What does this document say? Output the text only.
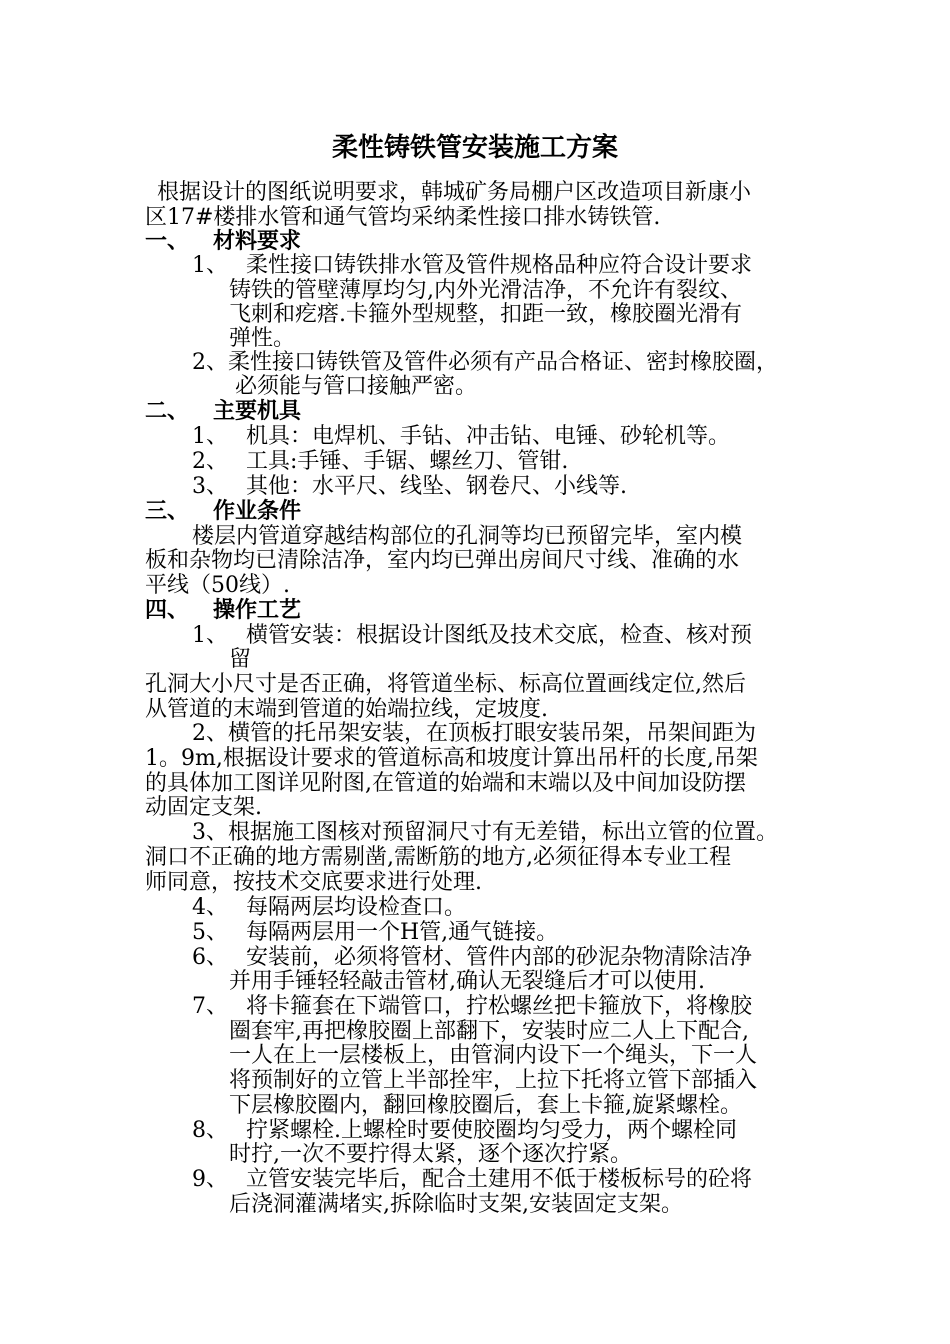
柔性铸铁管安装施工方案
根据设计的图纸说明要求，韩城矿务局棚户区改造项目新康小
区17#楼排水管和通气管均采纳柔性接口排水铸铁管.
一、 材料要求
1、 柔性接口铸铁排水管及管件规格品种应符合设计要求
铸铁的管壁薄厚均匀,内外光滑洁净，不允许有裂纹、
飞刺和疙瘩.卡箍外型规整，扣距一致，橡胶圈光滑有
弹性。
2、柔性接口铸铁管及管件必须有产品合格证、密封橡胶圈，
必须能与管口接触严密。
二、 主要机具
1、 机具：电焊机、手钻、冲击钻、电锤、砂轮机等。
2、 工具:手锤、手锯、螺丝刀、管钳.
3、 其他：水平尺、线坠、钢卷尺、小线等.
三、 作业条件
楼层内管道穿越结构部位的孔洞等均已预留完毕，室内模
板和杂物均已清除洁净，室内均已弹出房间尺寸线、准确的水
平线（50线）.
四、 操作工艺
1、 横管安装：根据设计图纸及技术交底，检查、核对预
留
孔洞大小尺寸是否正确，将管道坐标、标高位置画线定位,然后
从管道的末端到管道的始端拉线，定坡度.
2、横管的托吊架安装，在顶板打眼安装吊架，吊架间距为
1。9m,根据设计要求的管道标高和坡度计算出吊杆的长度,吊架
的具体加工图详见附图,在管道的始端和末端以及中间加设防摆
动固定支架.
3、根据施工图核对预留洞尺寸有无差错，标出立管的位置。
洞口不正确的地方需剔凿,需断筋的地方,必须征得本专业工程
师同意，按技术交底要求进行处理.
4、 每隔两层均设检查口。
5、 每隔两层用一个H管,通气链接。
6、 安装前，必须将管材、管件内部的砂泥杂物清除洁净
并用手锤轻轻敲击管材,确认无裂缝后才可以使用.
7、 将卡箍套在下端管口，拧松螺丝把卡箍放下，将橡胶
圈套牢,再把橡胶圈上部翻下，安装时应二人上下配合,
一人在上一层楼板上，由管洞内设下一个绳头，下一人
将预制好的立管上半部拴牢，上拉下托将立管下部插入
下层橡胶圈内，翻回橡胶圈后，套上卡箍,旋紧螺栓。
8、 拧紧螺栓.上螺栓时要使胶圈均匀受力，两个螺栓同
时拧,一次不要拧得太紧，逐个逐次拧紧。
9、 立管安装完毕后，配合土建用不低于楼板标号的砼将
后浇洞灌满堵实,拆除临时支架,安装固定支架。
